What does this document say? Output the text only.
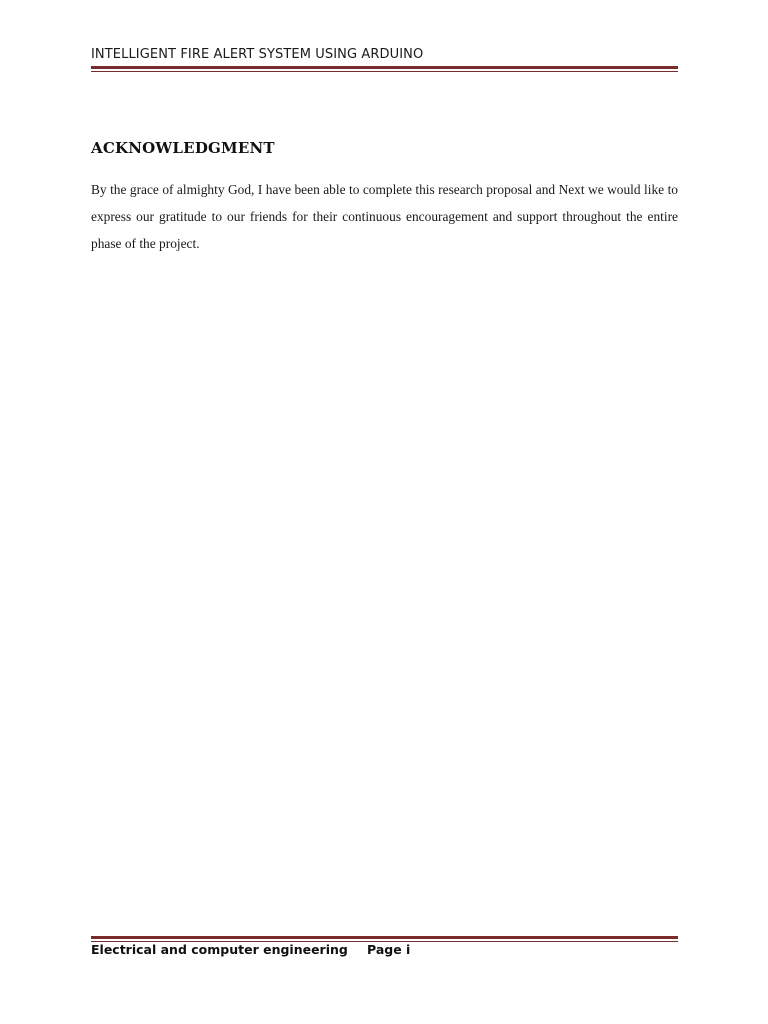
INTELLIGENT FIRE ALERT SYSTEM USING ARDUINO
ACKNOWLEDGMENT
By the grace of almighty God, I have been able to complete this research proposal and Next we would like to express our gratitude to our friends for their continuous encouragement and support throughout the entire phase of the project.
Electrical and computer engineering Page i
